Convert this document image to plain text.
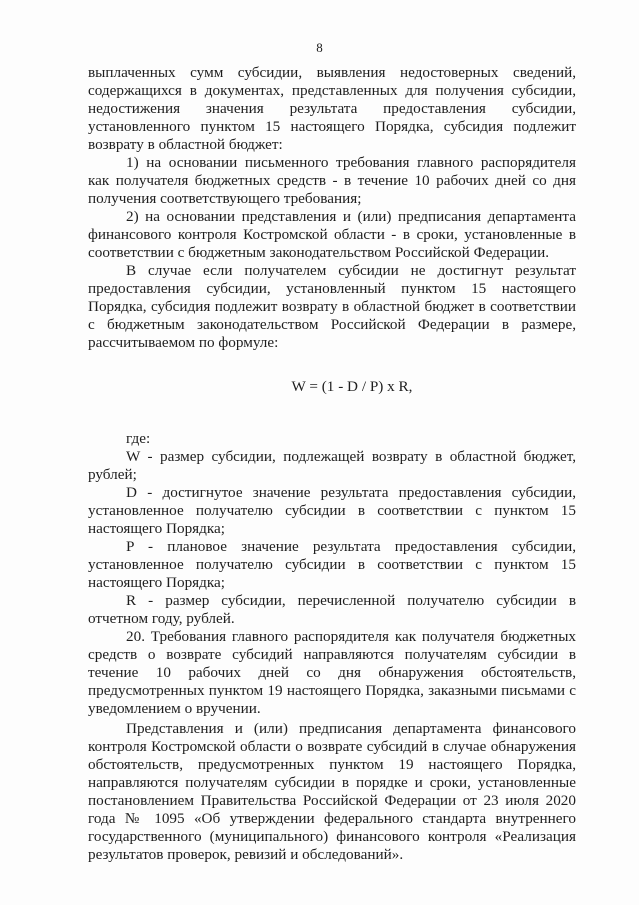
8

выплаченных сумм субсидии, выявления недостоверных сведений, содержащихся в документах, представленных для получения субсидии, недостижения значения результата предоставления субсидии, установленного пунктом 15 настоящего Порядка, субсидия подлежит возврату в областной бюджет:

1) на основании письменного требования главного распорядителя как получателя бюджетных средств - в течение 10 рабочих дней со дня получения соответствующего требования;

2) на основании представления и (или) предписания департамента финансового контроля Костромской области - в сроки, установленные в соответствии с бюджетным законодательством Российской Федерации.

В случае если получателем субсидии не достигнут результат предоставления субсидии, установленный пунктом 15 настоящего Порядка, субсидия подлежит возврату в областной бюджет в соответствии с бюджетным законодательством Российской Федерации в размере, рассчитываемом по формуле:

W = (1 - D / P) x R,

где:

W - размер субсидии, подлежащей возврату в областной бюджет, рублей;

D - достигнутое значение результата предоставления субсидии, установленное получателю субсидии в соответствии с пунктом 15 настоящего Порядка;

P - плановое значение результата предоставления субсидии, установленное получателю субсидии в соответствии с пунктом 15 настоящего Порядка;

R - размер субсидии, перечисленной получателю субсидии в отчетном году, рублей.

20. Требования главного распорядителя как получателя бюджетных средств о возврате субсидий направляются получателям субсидии в течение 10 рабочих дней со дня обнаружения обстоятельств, предусмотренных пунктом 19 настоящего Порядка, заказными письмами с уведомлением о вручении.

Представления и (или) предписания департамента финансового контроля Костромской области о возврате субсидий в случае обнаружения обстоятельств, предусмотренных пунктом 19 настоящего Порядка, направляются получателям субсидии в порядке и сроки, установленные постановлением Правительства Российской Федерации от 23 июля 2020 года № 1095 «Об утверждении федерального стандарта внутреннего государственного (муниципального) финансового контроля «Реализация результатов проверок, ревизий и обследований».
